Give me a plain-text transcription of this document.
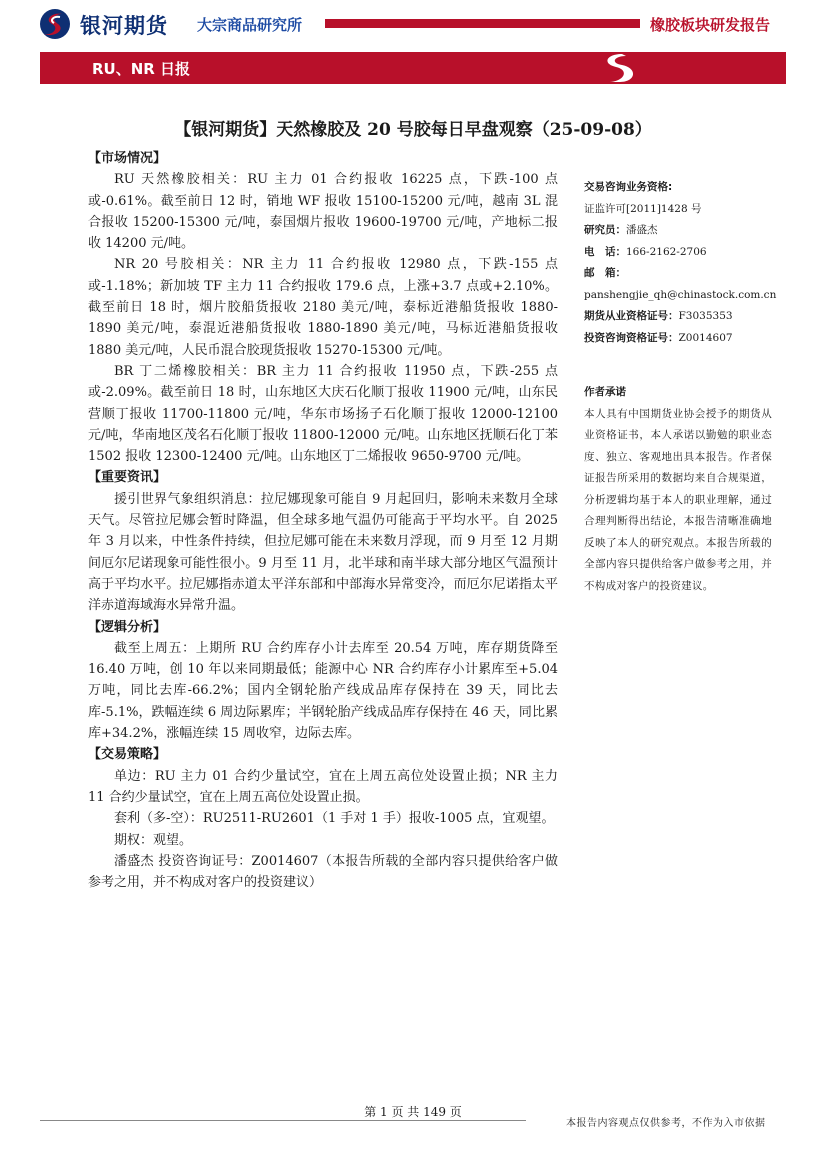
银河期货 大宗商品研究所	橡胶板块研发报告
RU、NR 日报
【银河期货】天然橡胶及 20 号胶每日早盘观察（25-09-08）

【市场情况】

RU 天然橡胶相关：RU 主力 01 合约报收 16225 点，下跌-100 点或-0.61%。截至前日 12 时，销地 WF 报收 15100-15200 元/吨，越南 3L 混合报收 15200-15300 元/吨，泰国烟片报收 19600-19700 元/吨，产地标二报收 14200 元/吨。

NR 20 号胶相关：NR 主力 11 合约报收 12980 点，下跌-155 点或-1.18%；新加坡 TF 主力 11 合约报收 179.6 点，上涨+3.7 点或+2.10%。截至前日 18 时，烟片胶船货报收 2180 美元/吨，泰标近港船货报收 1880-1890 美元/吨，泰混近港船货报收 1880-1890 美元/吨，马标近港船货报收 1880 美元/吨，人民币混合胶现货报收 15270-15300 元/吨。

BR 丁二烯橡胶相关：BR 主力 11 合约报收 11950 点，下跌-255 点或-2.09%。截至前日 18 时，山东地区大庆石化顺丁报收 11900 元/吨，山东民营顺丁报收 11700-11800 元/吨，华东市场扬子石化顺丁报收 12000-12100 元/吨，华南地区茂名石化顺丁报收 11800-12000 元/吨。山东地区抚顺石化丁苯 1502 报收 12300-12400 元/吨。山东地区丁二烯报收 9650-9700 元/吨。

【重要资讯】

援引世界气象组织消息：拉尼娜现象可能自 9 月起回归，影响未来数月全球天气。尽管拉尼娜会暂时降温，但全球多地气温仍可能高于平均水平。自 2025 年 3 月以来，中性条件持续，但拉尼娜可能在未来数月浮现，而 9 月至 12 月期间厄尔尼诺现象可能性很小。9 月至 11 月，北半球和南半球大部分地区气温预计高于平均水平。拉尼娜指赤道太平洋东部和中部海水异常变冷，而厄尔尼诺指太平洋赤道海域海水异常升温。

【逻辑分析】

截至上周五：上期所 RU 合约库存小计去库至 20.54 万吨，库存期货降至 16.40 万吨，创 10 年以来同期最低；能源中心 NR 合约库存小计累库至+5.04 万吨，同比去库-66.2%；国内全钢轮胎产线成品库存保持在 39 天，同比去库-5.1%，跌幅连续 6 周边际累库；半钢轮胎产线成品库存保持在 46 天，同比累库+34.2%，涨幅连续 15 周收窄，边际去库。

【交易策略】

单边：RU 主力 01 合约少量试空，宜在上周五高位处设置止损；NR 主力 11 合约少量试空，宜在上周五高位处设置止损。

套利（多-空）：RU2511-RU2601（1 手对 1 手）报收-1005 点，宜观望。

期权：观望。

潘盛杰 投资咨询证号：Z0014607（本报告所载的全部内容只提供给客户做参考之用，并不构成对客户的投资建议）

交易咨询业务资格:
证监许可[2011]1428 号
研究员：潘盛杰
电　话：166-2162-2706
邮　箱：
panshengjie_qh@chinastock.com.cn
期货从业资格证号：F3035353
投资咨询资格证号：Z0014607
作者承诺
本人具有中国期货业协会授予的期货从业资格证书，本人承诺以勤勉的职业态度、独立、客观地出具本报告。作者保证报告所采用的数据均来自合规渠道，分析逻辑均基于本人的职业理解，通过合理判断得出结论，本报告清晰准确地反映了本人的研究观点。本报告所载的全部内容只提供给客户做参考之用，并不构成对客户的投资建议。
第 1 页 共 149 页
本报告内容观点仅供参考，不作为入市依据
